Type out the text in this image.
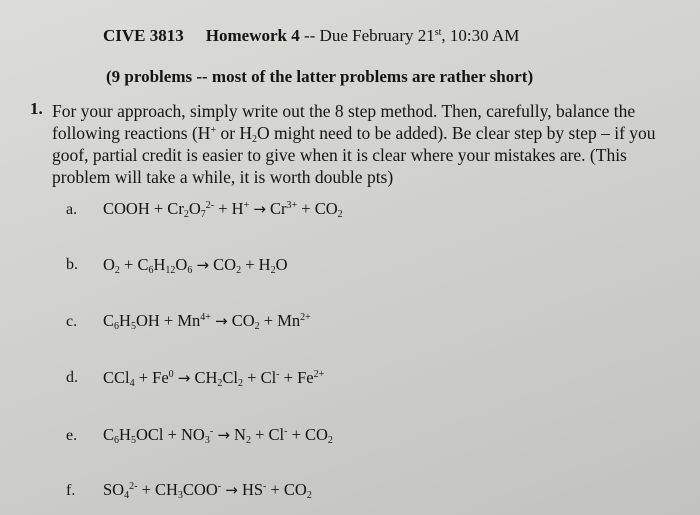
CIVE 3813 Homework 4 -- Due February 21st, 10:30 AM
(9 problems -- most of the latter problems are rather short)
1. For your approach, simply write out the 8 step method. Then, carefully, balance the
following reactions (H+ or $H_2O$ might need to be added). Be clear step by step – if you
goof, partial credit is easier to give when it is clear where your mistakes are. (This
problem will take a while, it is worth double pts)
a. COOH + $Cr_2O_7^{2-} + H^+ \to Cr^{3+} + CO_2$
b. $O_2 + C_6H_{12}O_6 \to CO_2 + H_2O$
c. $C_6H_5OH + Mn^{4+} \to CO_2 + Mn^{2+}$
d. $CCl_4 + Fe^0 \to CH_2Cl_2 + Cl^- + Fe^{2+}$
e. $C_6H_5OCl + NO_3^- \to N_2 + Cl^- + CO_2$
f. $SO_4^{2-} + CH_3COO^- \to HS^- + CO_2$
